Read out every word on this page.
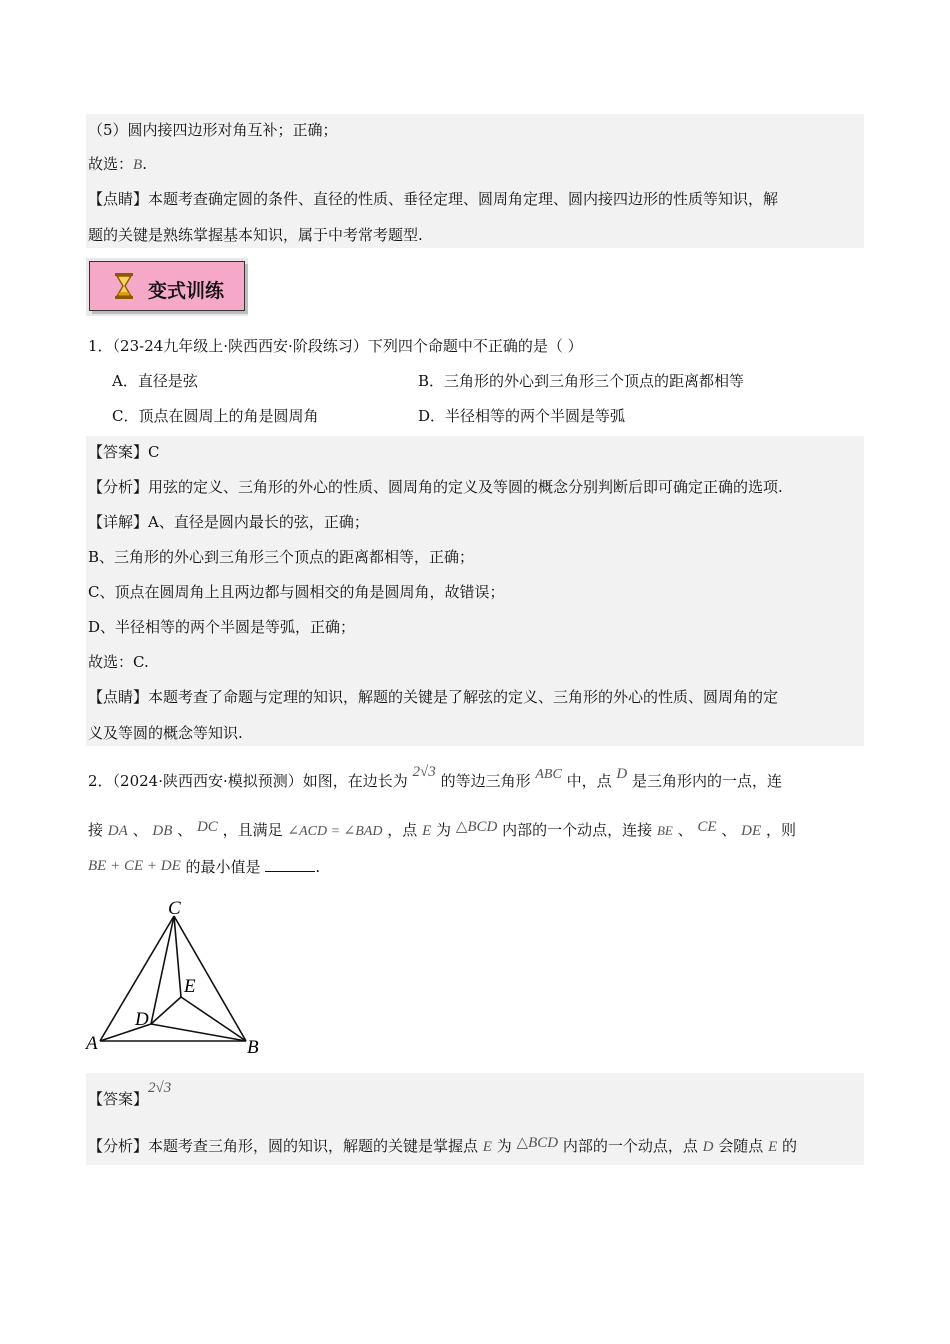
（5）圆内接四边形对角互补；正确；
故选：B.
【点睛】本题考查确定圆的条件、直径的性质、垂径定理、圆周角定理、圆内接四边形的性质等知识，解
题的关键是熟练掌握基本知识，属于中考常考题型.
变式训练
1．（23-24九年级上·陕西西安·阶段练习）下列四个命题中不正确的是（ ）
A．直径是弦	B．三角形的外心到三角形三个顶点的距离都相等
C．顶点在圆周上的角是圆周角	D．半径相等的两个半圆是等弧
【答案】C
【分析】用弦的定义、三角形的外心的性质、圆周角的定义及等圆的概念分别判断后即可确定正确的选项.
【详解】A、直径是圆内最长的弦，正确；
B、三角形的外心到三角形三个顶点的距离都相等，正确；
C、顶点在圆周角上且两边都与圆相交的角是圆周角，故错误；
D、半径相等的两个半圆是等弧，正确；
故选：C.
【点睛】本题考查了命题与定理的知识，解题的关键是了解弦的定义、三角形的外心的性质、圆周角的定
义及等圆的概念等知识.
2．（2024·陕西西安·模拟预测）如图，在边长为 2√3 的等边三角形 ABC 中，点 D 是三角形内的一点，连
接 DA 、 DB 、 DC ，且满足 ∠ACD = ∠BAD ，点 E 为 △BCD 内部的一个动点，连接 BE 、 CE 、 DE ，则
BE + CE + DE 的最小值是	.
C
A	B
D
E
【答案】2√3
【分析】本题考查三角形，圆的知识，解题的关键是掌握点 E 为 △BCD 内部的一个动点，点 D 会随点 E 的
